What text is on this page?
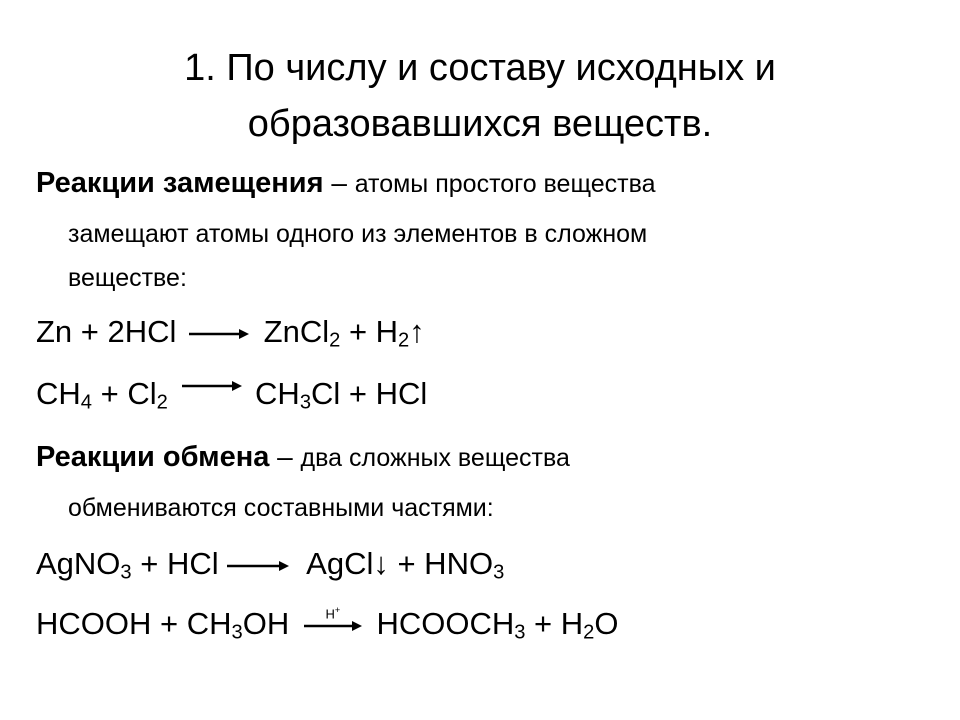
1. По числу и составу исходных и
образовавшихся веществ.
Реакции замещения – атомы простого вещества
замещают атомы одного из элементов в сложном
веществе:
Zn + 2HCl → ZnCl$_2$ + $H_2↑$
$CH_4 + Cl_2 \to CH_3Cl$ + HCl
Реакции обмена – два сложных вещества
обмениваются составными частями:
AgNO$_3$ + HCl → AgCl↓ + $HNO_3$
HCOOH + $CH_3OH$	H+ $HCOOCH_3 + H_2O$
